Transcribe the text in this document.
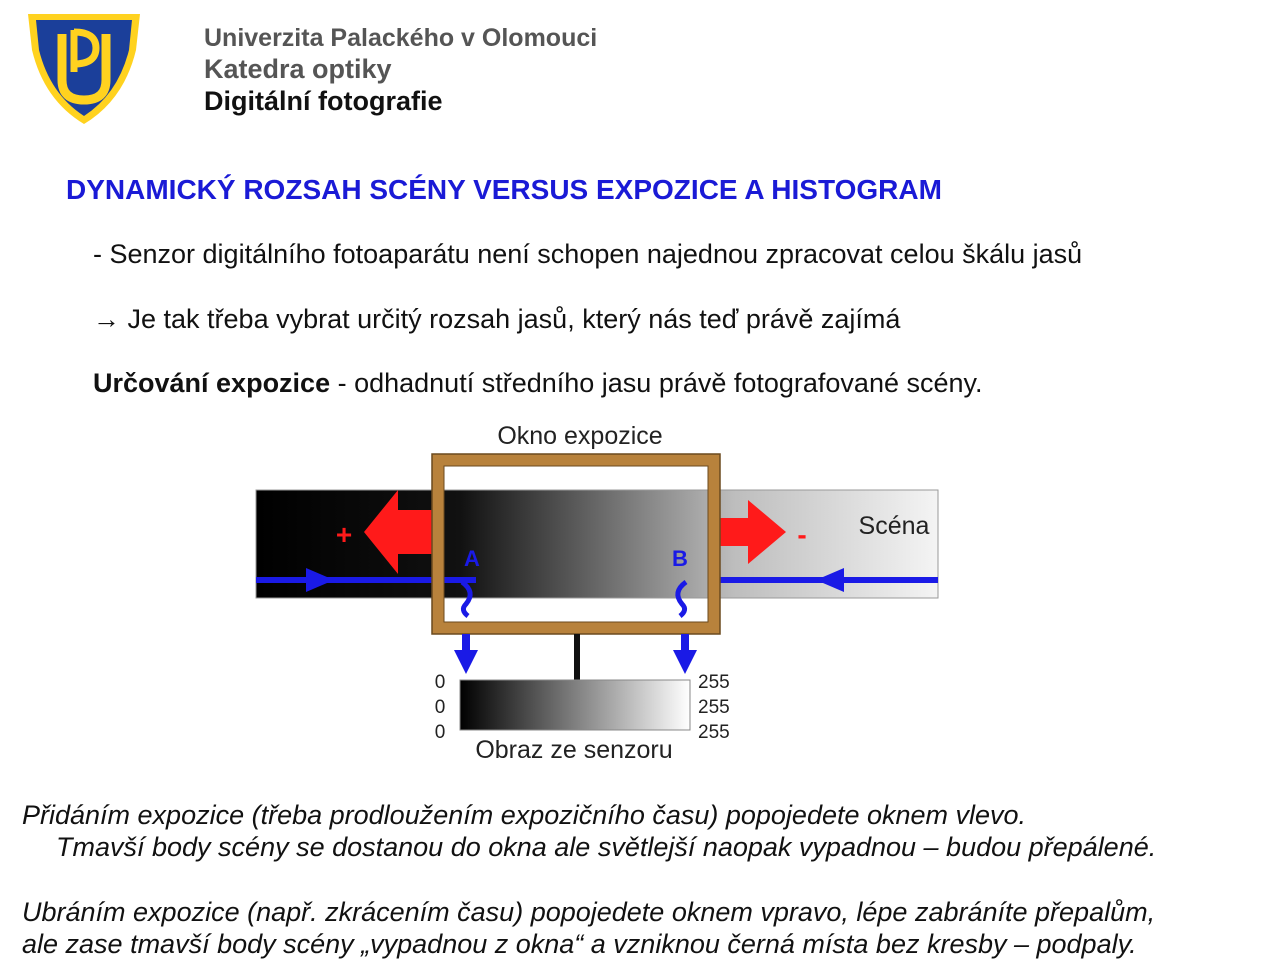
Univerzita Palackého v Olomouci
Katedra optiky
Digitální fotografie
DYNAMICKÝ ROZSAH SCÉNY VERSUS EXPOZICE A HISTOGRAM
- Senzor digitálního fotoaparátu není schopen najednou zpracovat celou škálu jasů
→ Je tak třeba vybrat určitý rozsah jasů, který nás teď právě zajímá
Určování expozice - odhadnutí středního jasu právě fotografované scény.
Okno expozice
Scéna
+	-
A	B
0
0
0
255
255
255
Obraz ze senzoru
Přidáním expozice (třeba prodloužením expozičního času) popojedete oknem vlevo.
Tmavší body scény se dostanou do okna ale světlejší naopak vypadnou – budou přepálené.
Ubráním expozice (např. zkrácením času) popojedete oknem vpravo, lépe zabráníte přepalům,
ale zase tmavší body scény „vypadnou z okna“ a vzniknou černá místa bez kresby – podpaly.
